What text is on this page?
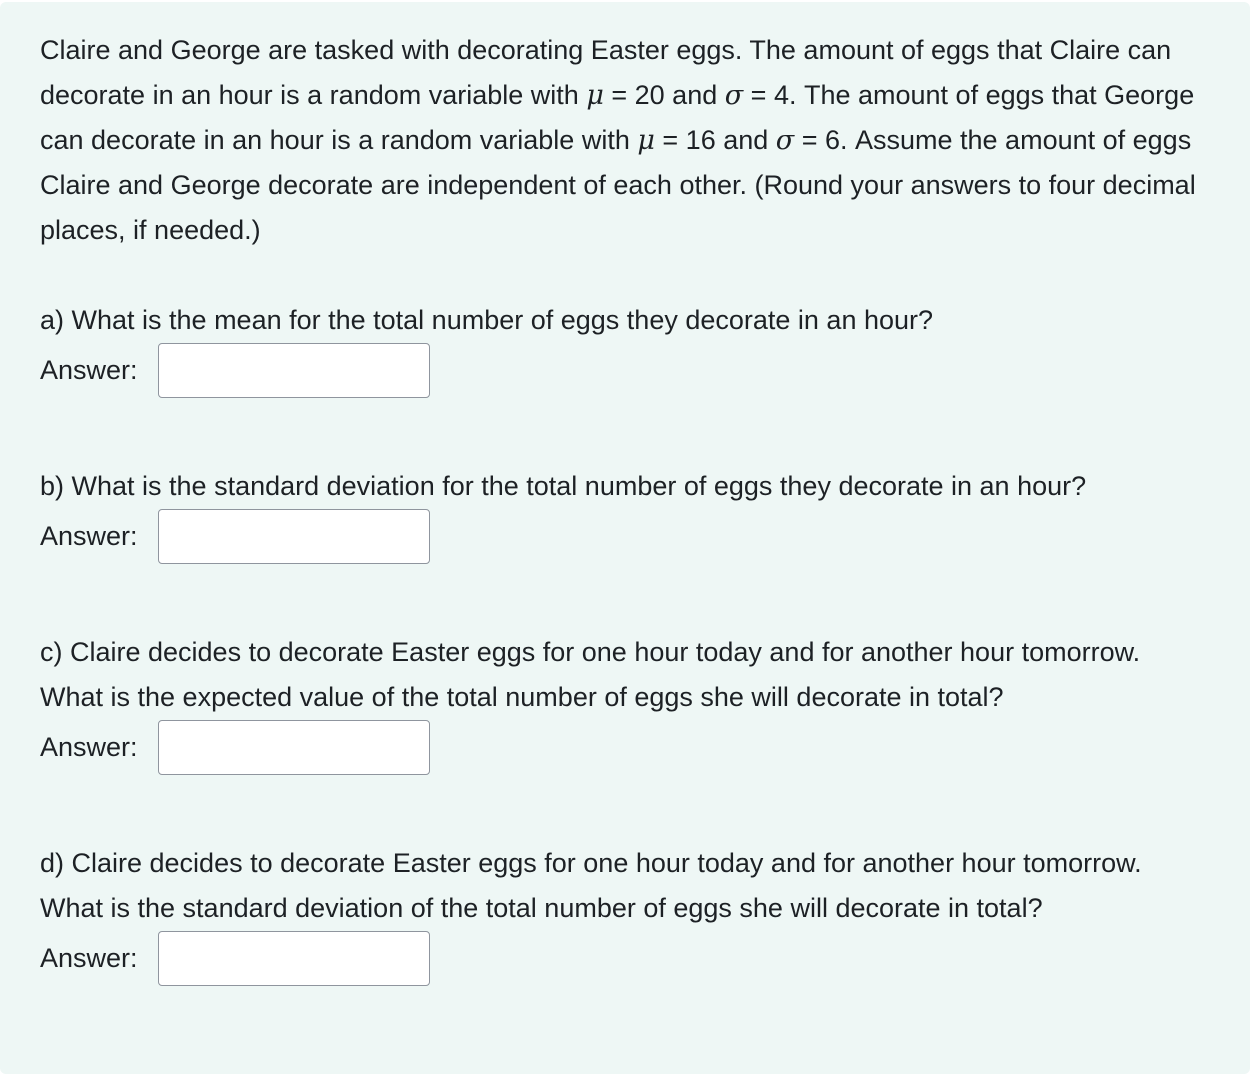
Claire and George are tasked with decorating Easter eggs. The amount of eggs that Claire can decorate in an hour is a random variable with μ = 20 and σ = 4. The amount of eggs that George can decorate in an hour is a random variable with μ = 16 and σ = 6. Assume the amount of eggs Claire and George decorate are independent of each other. (Round your answers to four decimal places, if needed.)

a) What is the mean for the total number of eggs they decorate in an hour?

Answer:

b) What is the standard deviation for the total number of eggs they decorate in an hour?

Answer:

c) Claire decides to decorate Easter eggs for one hour today and for another hour tomorrow. What is the expected value of the total number of eggs she will decorate in total?

Answer:

d) Claire decides to decorate Easter eggs for one hour today and for another hour tomorrow. What is the standard deviation of the total number of eggs she will decorate in total?

Answer:
